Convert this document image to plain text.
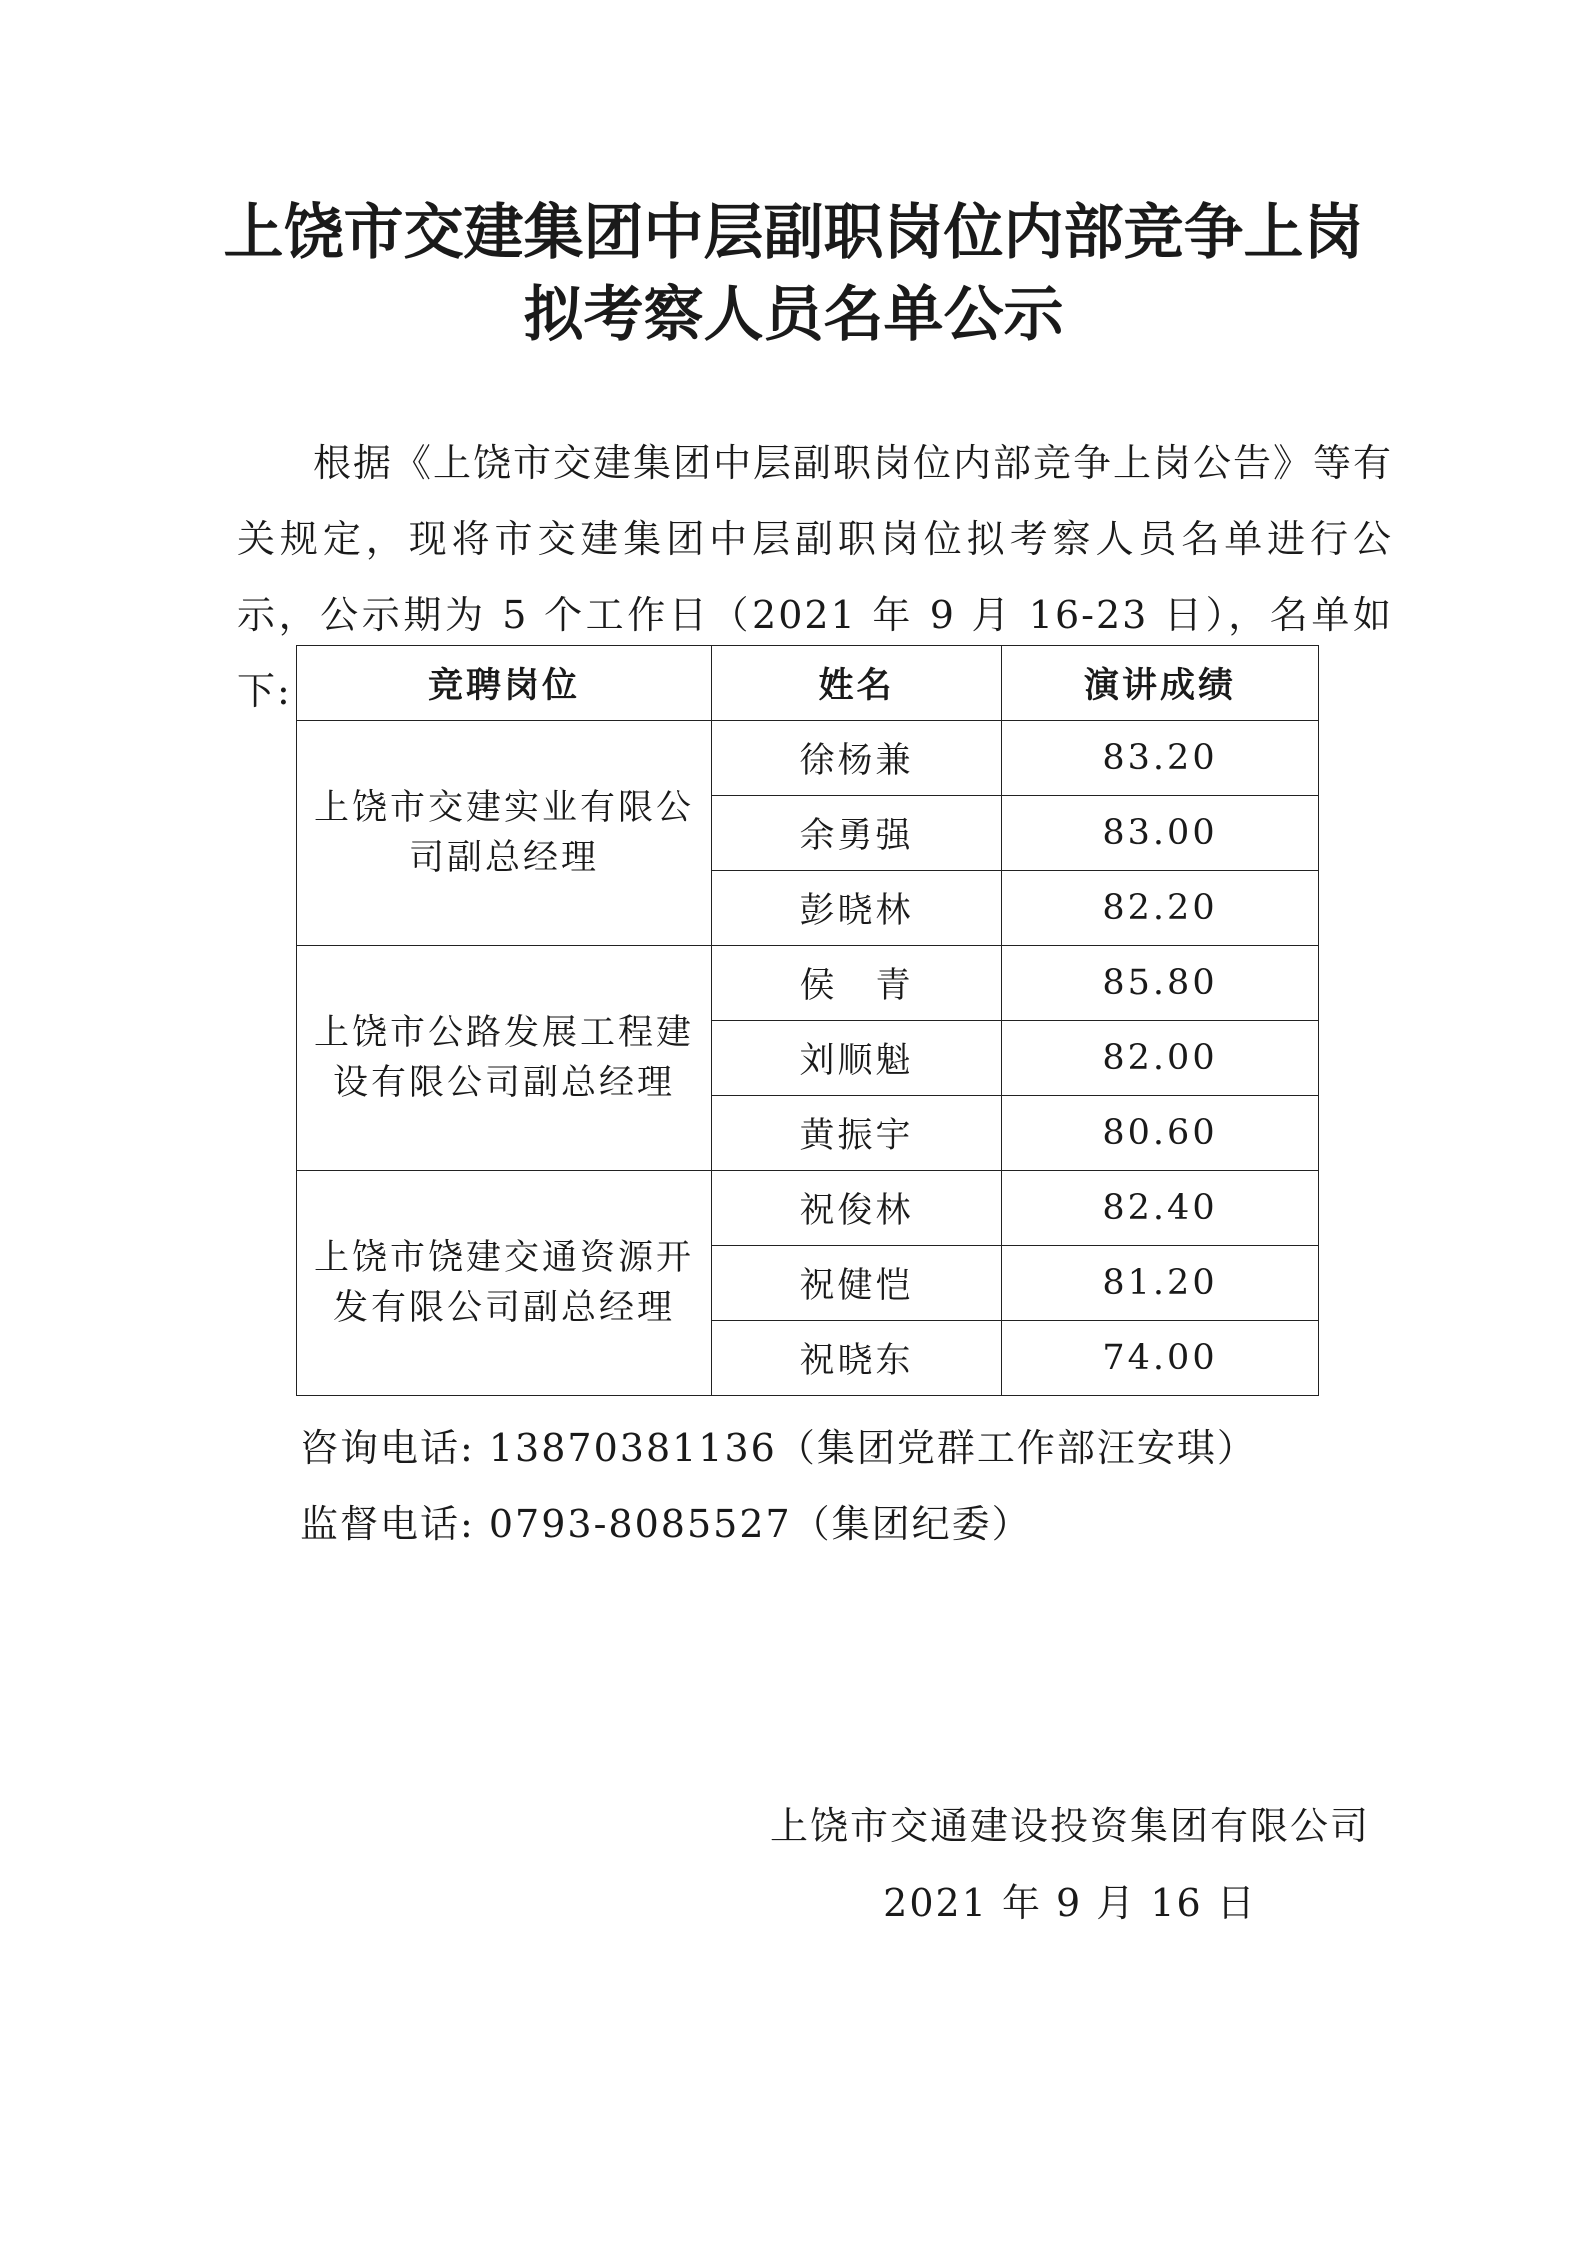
上饶市交建集团中层副职岗位内部竞争上岗
拟考察人员名单公示

根据《上饶市交建集团中层副职岗位内部竞争上岗公告》等有关规定，现将市交建集团中层副职岗位拟考察人员名单进行公示，公示期为 5 个工作日（2021 年 9 月 16-23 日），名单如下:	竞聘岗位	姓名	演讲成绩
上饶市交建实业有限公司副总经理	徐杨兼	83.20
	余勇强	83.00
	彭晓林	82.20
上饶市公路发展工程建设有限公司副总经理	侯　青	85.80
	刘顺魁	82.00
	黄振宇	80.60
上饶市饶建交通资源开发有限公司副总经理	祝俊林	82.40
	祝健恺	81.20
	祝晓东	74.00

咨询电话: 13870381136（集团党群工作部汪安琪）

监督电话: 0793-8085527（集团纪委）

上饶市交通建设投资集团有限公司

2021 年 9 月 16 日
